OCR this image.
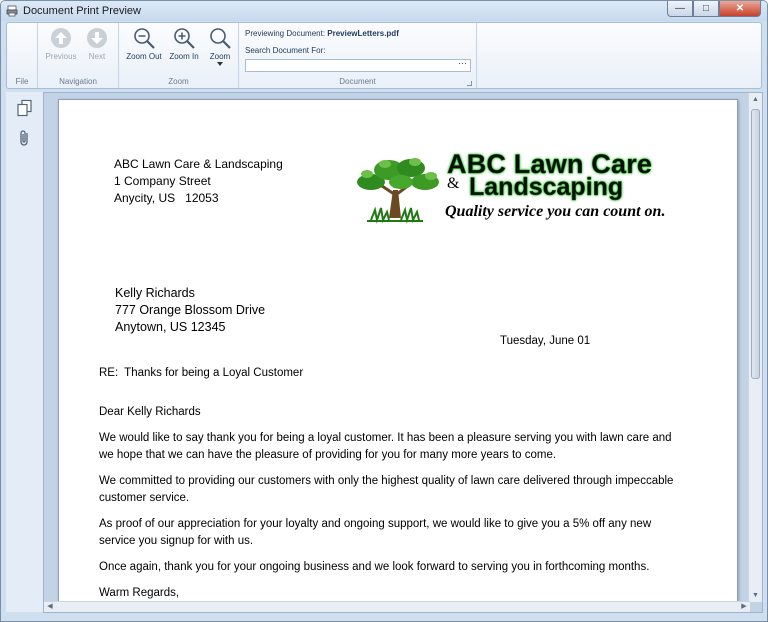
Document Print Preview	—	□	✕
File
Previous	Next
Navigation
Zoom Out Zoom In	Zoom
Zoom
Previewing Document: PreviewLetters.pdf
Search Document For:
···
Document
ABC Lawn Care & Landscaping
1 Company Street
Anycity, US 12053
ABC Lawn Care
& Landscaping
Quality service you can count on.
Kelly Richards
777 Orange Blossom Drive
Anytown, US 12345
Tuesday, June 01
RE: Thanks for being a Loyal Customer

Dear Kelly Richards

We would like to say thank you for being a loyal customer. It has been a pleasure serving you with lawn care and we hope that we can have the pleasure of providing for you for many more years to come.

We committed to providing our customers with only the highest quality of lawn care delivered through impeccable customer service.

As proof of our appreciation for your loyalty and ongoing support, we would like to give you a 5% off any new service you signup for with us.

Once again, thank you for your ongoing business and we look forward to serving you in forthcoming months.

Warm Regards,

▲
▼
◀	▶
